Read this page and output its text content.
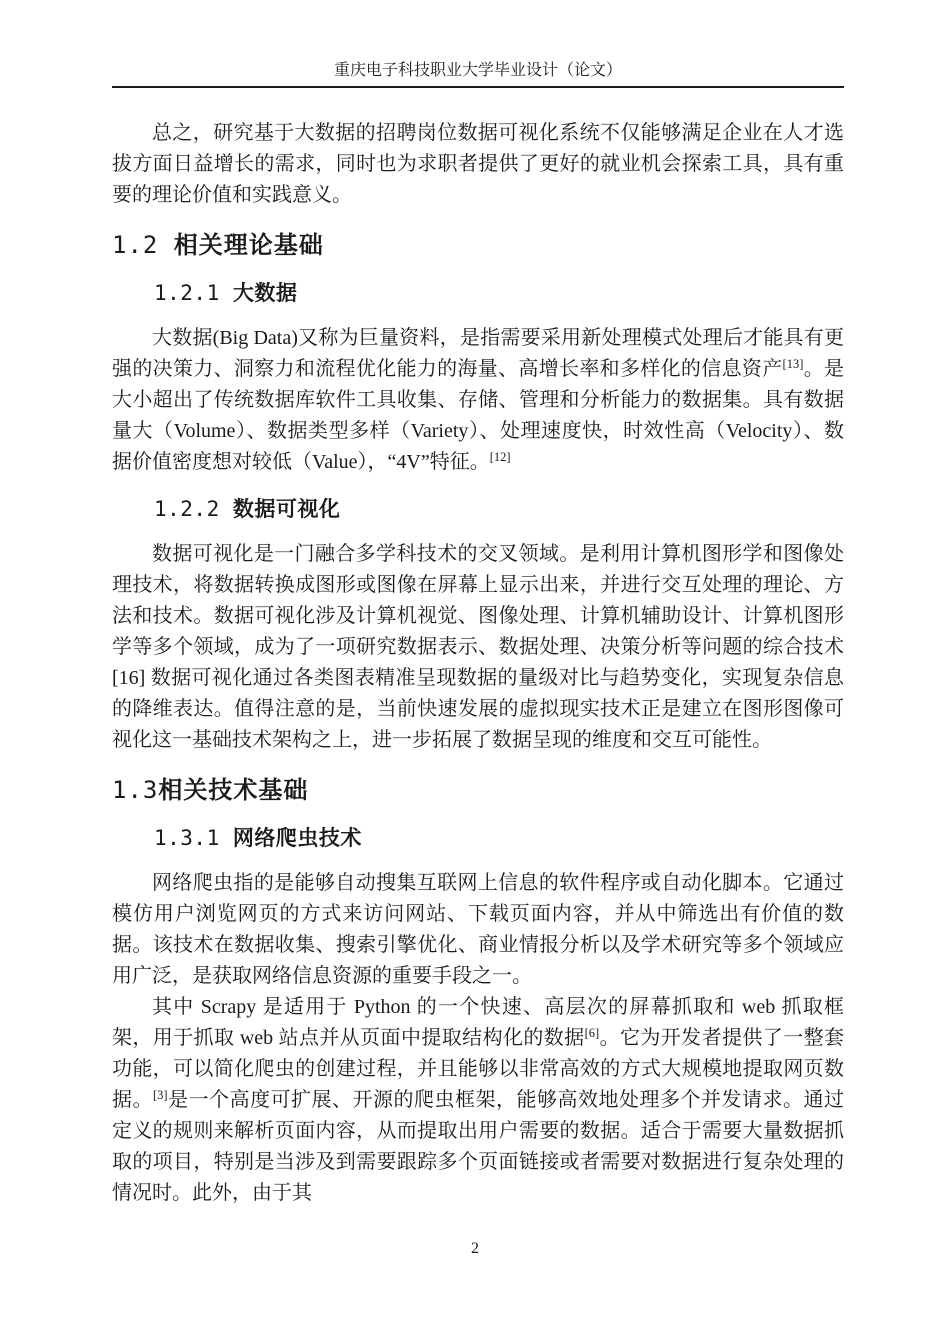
重庆电子科技职业大学毕业设计（论文）

总之，研究基于大数据的招聘岗位数据可视化系统不仅能够满足企业在人才选拔方面日益增长的需求，同时也为求职者提供了更好的就业机会探索工具，具有重要的理论价值和实践意义。

1.2 相关理论基础
1.2.1 大数据

大数据(Big Data)又称为巨量资料，是指需要采用新处理模式处理后才能具有更强的决策力、洞察力和流程优化能力的海量、高增长率和多样化的信息资产[13]。是大小超出了传统数据库软件工具收集、存储、管理和分析能力的数据集。具有数据量大（Volume）、数据类型多样（Variety）、处理速度快，时效性高（Velocity）、数据价值密度想对较低（Value），“4V”特征。[12]

1.2.2 数据可视化

数据可视化是一门融合多学科技术的交叉领域。是利用计算机图形学和图像处理技术，将数据转换成图形或图像在屏幕上显示出来，并进行交互处理的理论、方法和技术。数据可视化涉及计算机视觉、图像处理、计算机辅助设计、计算机图形学等多个领域，成为了一项研究数据表示、数据处理、决策分析等问题的综合技术[16] 数据可视化通过各类图表精准呈现数据的量级对比与趋势变化，实现复杂信息的降维表达。值得注意的是，当前快速发展的虚拟现实技术正是建立在图形图像可视化这一基础技术架构之上，进一步拓展了数据呈现的维度和交互可能性。

1.3相关技术基础
1.3.1 网络爬虫技术

网络爬虫指的是能够自动搜集互联网上信息的软件程序或自动化脚本。它通过模仿用户浏览网页的方式来访问网站、下载页面内容，并从中筛选出有价值的数据。该技术在数据收集、搜索引擎优化、商业情报分析以及学术研究等多个领域应用广泛，是获取网络信息资源的重要手段之一。

其中 Scrapy 是适用于 Python 的一个快速、高层次的屏幕抓取和 web 抓取框架，用于抓取 web 站点并从页面中提取结构化的数据[6]。它为开发者提供了一整套功能，可以简化爬虫的创建过程，并且能够以非常高效的方式大规模地提取网页数据。[3]是一个高度可扩展、开源的爬虫框架，能够高效地处理多个并发请求。通过定义的规则来解析页面内容，从而提取出用户需要的数据。适合于需要大量数据抓取的项目，特别是当涉及到需要跟踪多个页面链接或者需要对数据进行复杂处理的情况时。此外，由于其

2
